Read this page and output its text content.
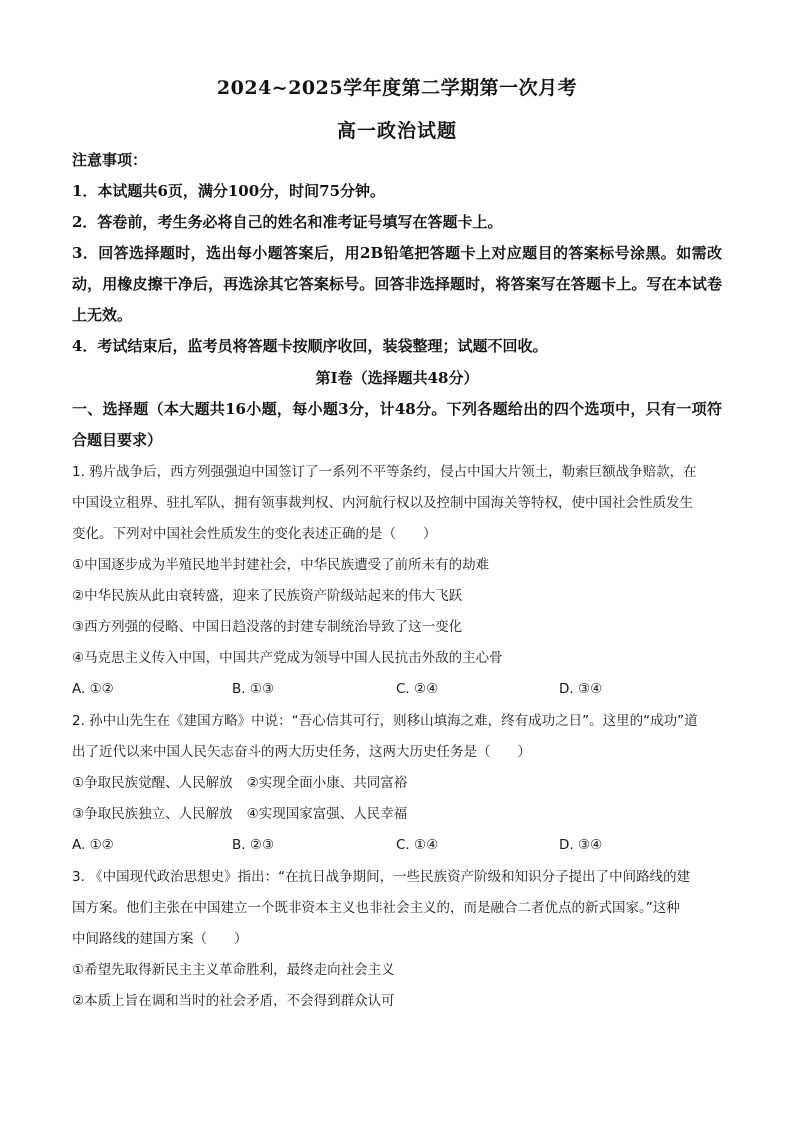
2024~2025学年度第二学期第一次月考
高一政治试题

注意事项：

1．本试题共6页，满分100分，时间75分钟。

2．答卷前，考生务必将自己的姓名和准考证号填写在答题卡上。

3．回答选择题时，选出每小题答案后，用2B铅笔把答题卡上对应题目的答案标号涂黑。如需改动，用橡皮擦干净后，再选涂其它答案标号。回答非选择题时，将答案写在答题卡上。写在本试卷上无效。

4．考试结束后，监考员将答题卡按顺序收回，装袋整理；试题不回收。

第Ⅰ卷（选择题共48分）

一、选择题（本大题共16小题，每小题3分，计48分。下列各题给出的四个选项中，只有一项符合题目要求）

1. 鸦片战争后，西方列强强迫中国签订了一系列不平等条约，侵占中国大片领土，勒索巨额战争赔款，在

中国设立租界、驻扎军队，拥有领事裁判权、内河航行权以及控制中国海关等特权，使中国社会性质发生

变化。下列对中国社会性质发生的变化表述正确的是（　　）

①中国逐步成为半殖民地半封建社会，中华民族遭受了前所未有的劫难

②中华民族从此由衰转盛，迎来了民族资产阶级站起来的伟大飞跃

③西方列强的侵略、中国日趋没落的封建专制统治导致了这一变化

④马克思主义传入中国，中国共产党成为领导中国人民抗击外敌的主心骨

A. ①②	B. ①③	C. ②④	D. ③④

2. 孙中山先生在《建国方略》中说：“吾心信其可行，则移山填海之难，终有成功之日”。这里的“成功”道

出了近代以来中国人民矢志奋斗的两大历史任务，这两大历史任务是（　　）

①争取民族觉醒、人民解放 ②实现全面小康、共同富裕

③争取民族独立、人民解放 ④实现国家富强、人民幸福

A. ①②	B. ②③	C. ①④	D. ③④

3. 《中国现代政治思想史》指出：“在抗日战争期间，一些民族资产阶级和知识分子提出了中间路线的建

国方案。他们主张在中国建立一个既非资本主义也非社会主义的，而是融合二者优点的新式国家。”这种

中间路线的建国方案（　　）

①希望先取得新民主主义革命胜利，最终走向社会主义

②本质上旨在调和当时的社会矛盾，不会得到群众认可
